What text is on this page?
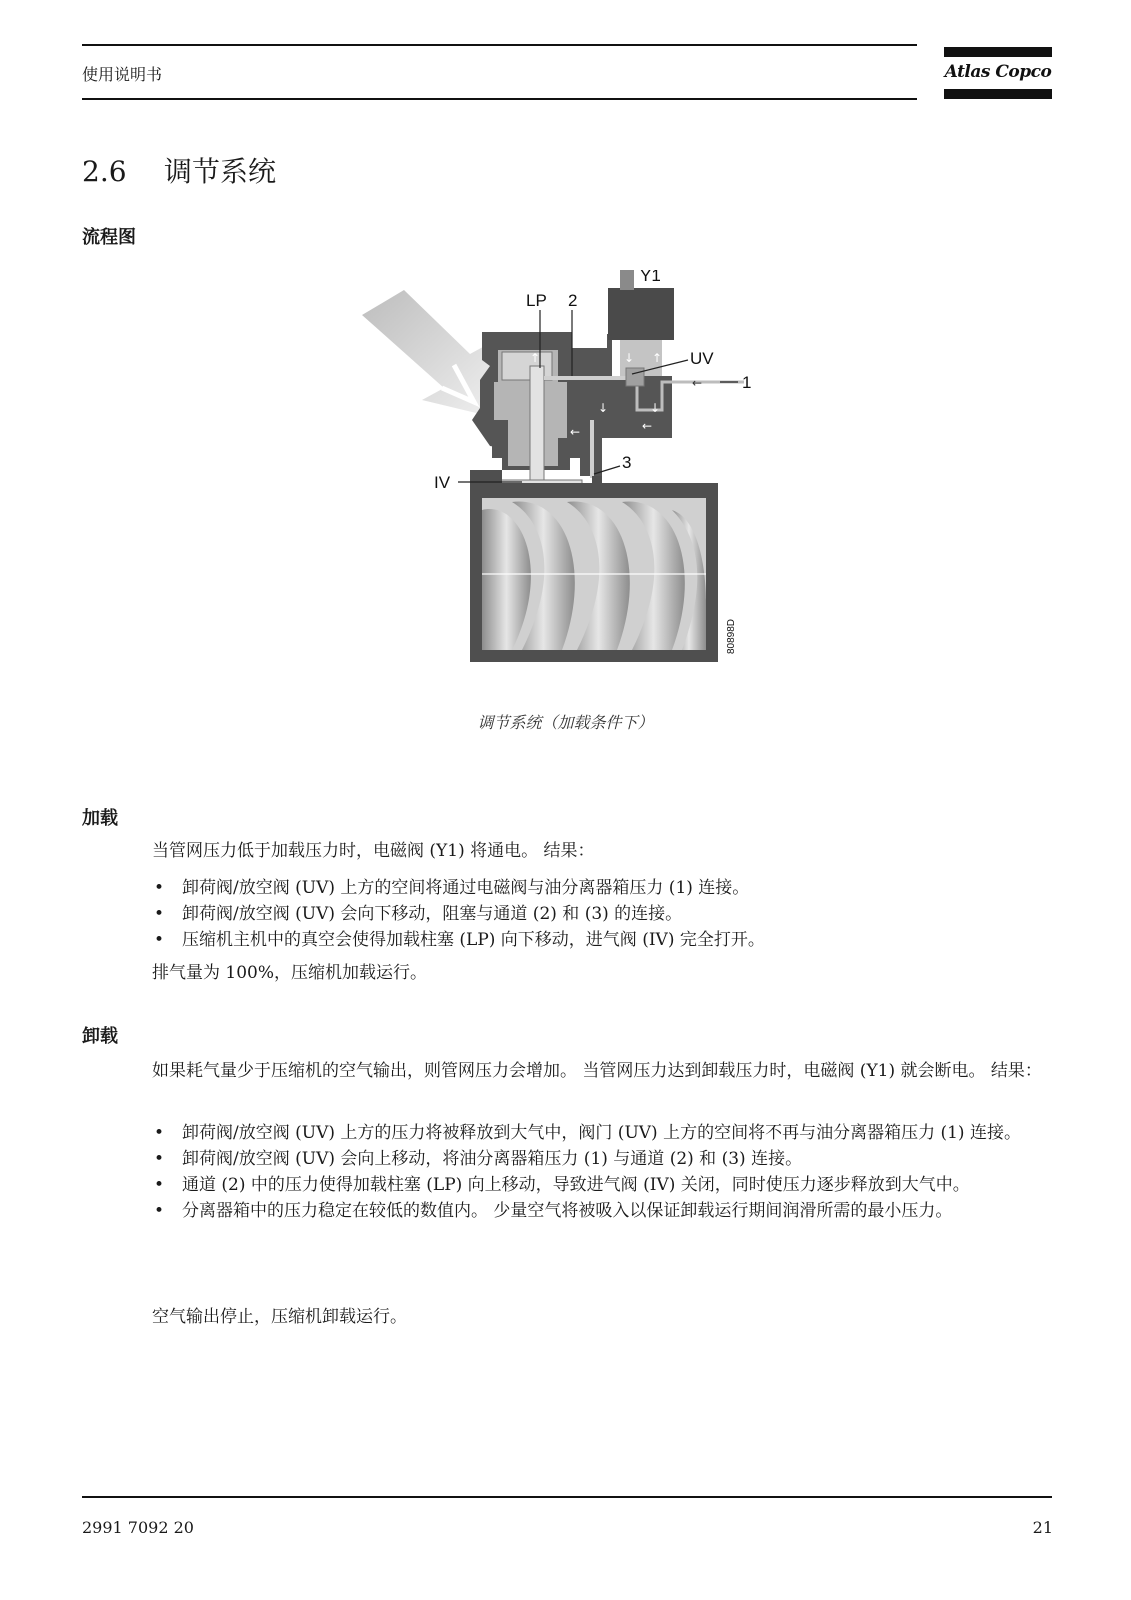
使用说明书	Atlas Copco
2.6 调节系统
流程图
↓ ↑
↓	↓
←
←
←
↑
Y1
LP 2
UV
1
3
IV
80898D
调节系统（加载条件下）
加载
当管网压力低于加载压力时，电磁阀 (Y1) 将通电。 结果：
• 卸荷阀/放空阀 (UV) 上方的空间将通过电磁阀与油分离器箱压力 (1) 连接。
• 卸荷阀/放空阀 (UV) 会向下移动，阻塞与通道 (2) 和 (3) 的连接。
• 压缩机主机中的真空会使得加载柱塞 (LP) 向下移动，进气阀 (IV) 完全打开。
排气量为 100%，压缩机加载运行。
卸载
如果耗气量少于压缩机的空气输出，则管网压力会增加。 当管网压力达到卸载压力时，电磁阀 (Y1) 就会断电。 结果：
• 卸荷阀/放空阀 (UV) 上方的压力将被释放到大气中，阀门 (UV) 上方的空间将不再与油分离器箱压力 (1) 连接。
• 卸荷阀/放空阀 (UV) 会向上移动，将油分离器箱压力 (1) 与通道 (2) 和 (3) 连接。
• 通道 (2) 中的压力使得加载柱塞 (LP) 向上移动，导致进气阀 (IV) 关闭，同时使压力逐步释放到大气中。
• 分离器箱中的压力稳定在较低的数值内。 少量空气将被吸入以保证卸载运行期间润滑所需的最小压力。
空气输出停止，压缩机卸载运行。
2991 7092 20	21
